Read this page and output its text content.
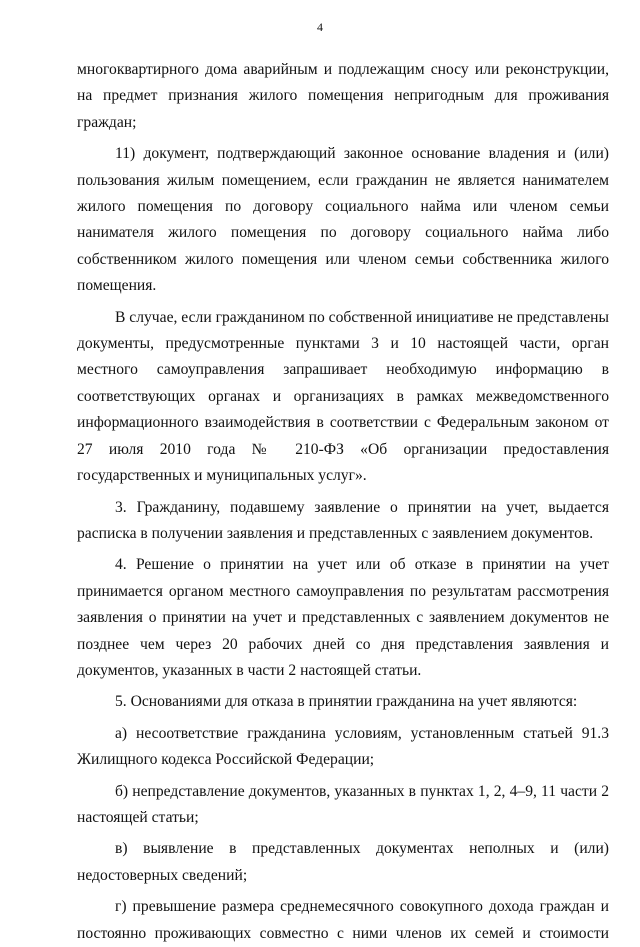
4

многоквартирного дома аварийным и подлежащим сносу или реконструкции, на предмет признания жилого помещения непригодным для проживания граждан;

11) документ, подтверждающий законное основание владения и (или) пользования жилым помещением, если гражданин не является нанимателем жилого помещения по договору социального найма или членом семьи нанимателя жилого помещения по договору социального найма либо собственником жилого помещения или членом семьи собственника жилого помещения.

В случае, если гражданином по собственной инициативе не представлены документы, предусмотренные пунктами 3 и 10 настоящей части, орган местного самоуправления запрашивает необходимую информацию в соответствующих органах и организациях в рамках межведомственного информационного взаимодействия в соответствии с Федеральным законом от 27 июля 2010 года № 210-ФЗ «Об организации предоставления государственных и муниципальных услуг».

3. Гражданину, подавшему заявление о принятии на учет, выдается расписка в получении заявления и представленных с заявлением документов.

4. Решение о принятии на учет или об отказе в принятии на учет принимается органом местного самоуправления по результатам рассмотрения заявления о принятии на учет и представленных с заявлением документов не позднее чем через 20 рабочих дней со дня представления заявления и документов, указанных в части 2 настоящей статьи.

5. Основаниями для отказа в принятии гражданина на учет являются:

а) несоответствие гражданина условиям, установленным статьей 91.3 Жилищного кодекса Российской Федерации;

б) непредставление документов, указанных в пунктах 1, 2, 4–9, 11 части 2 настоящей статьи;

в) выявление в представленных документах неполных и (или) недостоверных сведений;

г) превышение размера среднемесячного совокупного дохода граждан и постоянно проживающих совместно с ними членов их семей и стоимости
